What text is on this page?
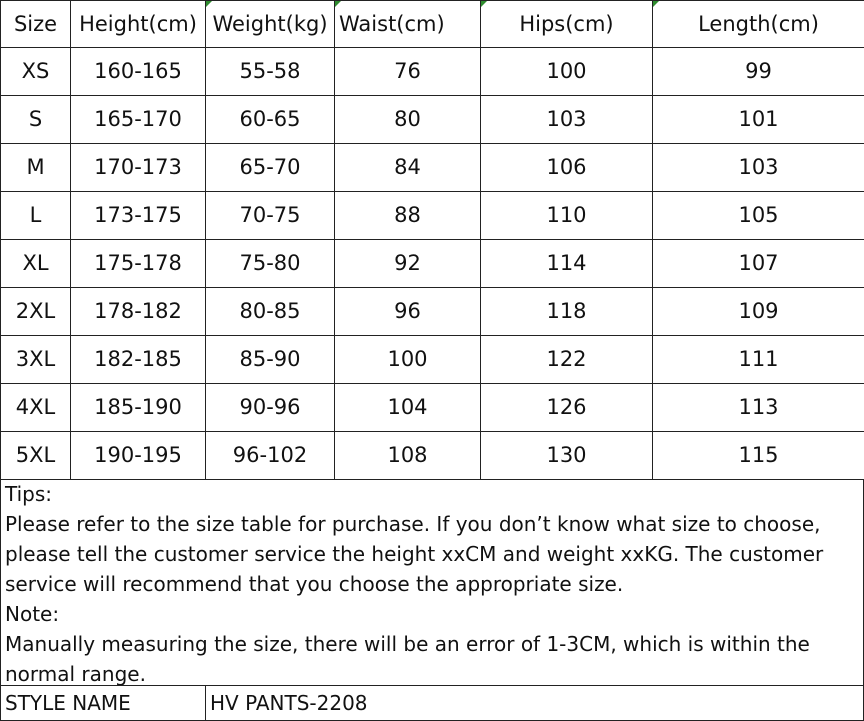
Size	Height(cm)	Weight(kg)	Waist(cm)	Hips(cm)	Length(cm)
XS	160-165	55-58	76	100	99
S	165-170	60-65	80	103	101
M	170-173	65-70	84	106	103
L	173-175	70-75	88	110	105
XL	175-178	75-80	92	114	107
2XL	178-182	80-85	96	118	109
3XL	182-185	85-90	100	122	111
4XL	185-190	90-96	104	126	113
5XL	190-195	96-102	108	130	115

Tips:

Please refer to the size table for purchase. If you don’t know what size to choose, please tell the customer service the height xxCM and weight xxKG. The customer service will recommend that you choose the appropriate size.

Note:

Manually measuring the size, there will be an error of 1-3CM, which is within the normal range.

STYLE NAME	HV PANTS-2208
